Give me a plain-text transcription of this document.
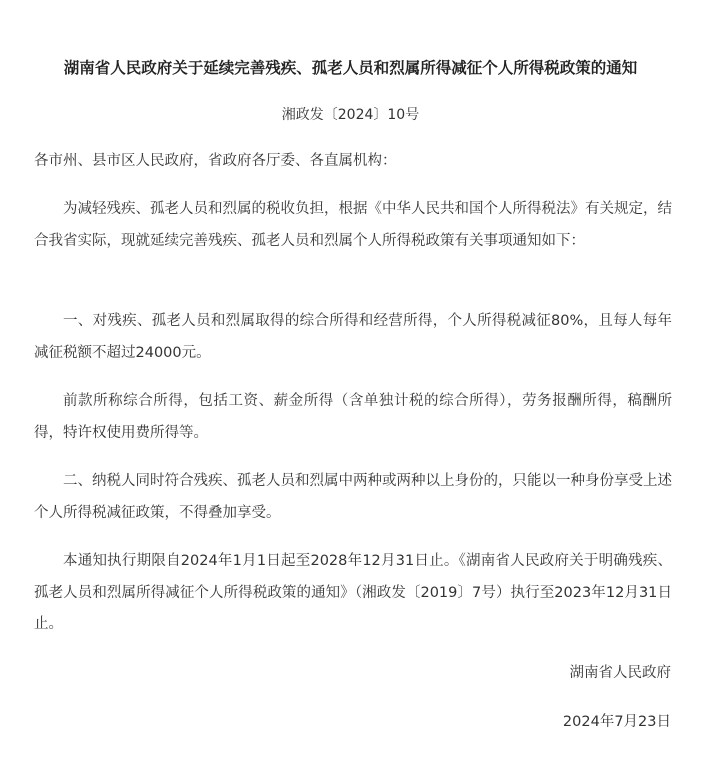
湖南省人民政府关于延续完善残疾、孤老人员和烈属所得减征个人所得税政策的通知
湘政发〔2024〕10号
各市州、县市区人民政府，省政府各厅委、各直属机构：

为减轻残疾、孤老人员和烈属的税收负担，根据《中华人民共和国个人所得税法》有关规定，结合我省实际，现就延续完善残疾、孤老人员和烈属个人所得税政策有关事项通知如下：

一、对残疾、孤老人员和烈属取得的综合所得和经营所得，个人所得税减征80%，且每人每年减征税额不超过24000元。

前款所称综合所得，包括工资、薪金所得（含单独计税的综合所得），劳务报酬所得，稿酬所得，特许权使用费所得等。

二、纳税人同时符合残疾、孤老人员和烈属中两种或两种以上身份的，只能以一种身份享受上述个人所得税减征政策，不得叠加享受。

本通知执行期限自2024年1月1日起至2028年12月31日止。《湖南省人民政府关于明确残疾、孤老人员和烈属所得减征个人所得税政策的通知》（湘政发〔2019〕7号）执行至2023年12月31日止。

湖南省人民政府
2024年7月23日
